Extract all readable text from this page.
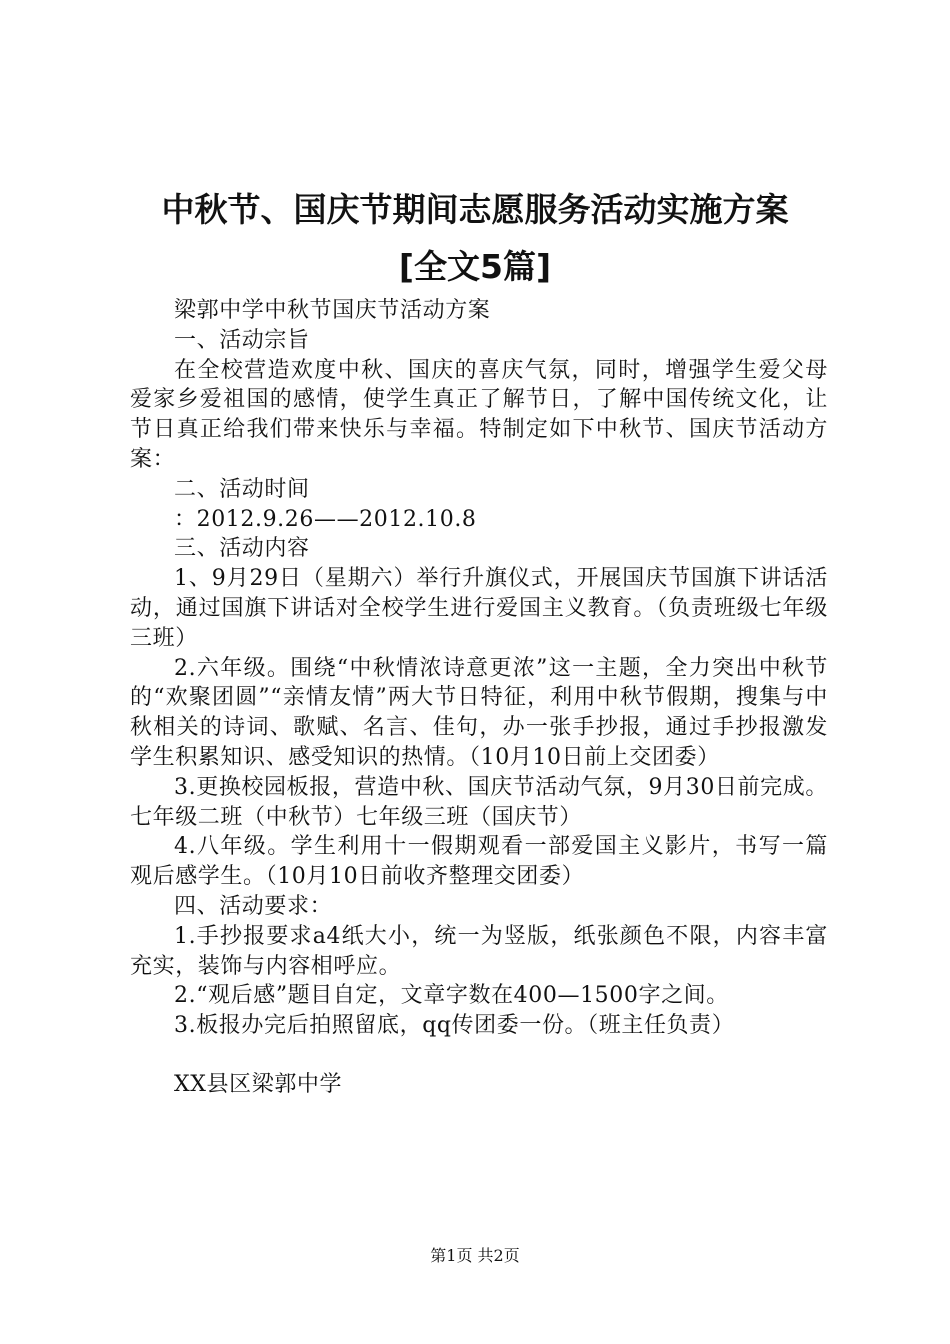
中秋节、国庆节期间志愿服务活动实施方案
[全文5篇]

梁郭中学中秋节国庆节活动方案

一、活动宗旨

在全校营造欢度中秋、国庆的喜庆气氛，同时，增强学生爱父母爱家乡爱祖国的感情，使学生真正了解节日，了解中国传统文化，让节日真正给我们带来快乐与幸福。特制定如下中秋节、国庆节活动方案：

二、活动时间

：2012.9.26——2012.10.8

三、活动内容

1、9月29日（星期六）举行升旗仪式，开展国庆节国旗下讲话活动，通过国旗下讲话对全校学生进行爱国主义教育。（负责班级七年级三班）

2.六年级。围绕“中秋情浓诗意更浓”这一主题，全力突出中秋节的“欢聚团圆”“亲情友情”两大节日特征，利用中秋节假期，搜集与中秋相关的诗词、歌赋、名言、佳句，办一张手抄报，通过手抄报激发学生积累知识、感受知识的热情。（10月10日前上交团委）

3.更换校园板报，营造中秋、国庆节活动气氛，9月30日前完成。七年级二班（中秋节）七年级三班（国庆节）

4.八年级。学生利用十一假期观看一部爱国主义影片，书写一篇观后感学生。（10月10日前收齐整理交团委）

四、活动要求：

1.手抄报要求a4纸大小，统一为竖版，纸张颜色不限，内容丰富充实，装饰与内容相呼应。

2.“观后感”题目自定，文章字数在400—1500字之间。

3.板报办完后拍照留底，qq传团委一份。（班主任负责）

XX县区梁郭中学

第1页 共2页
